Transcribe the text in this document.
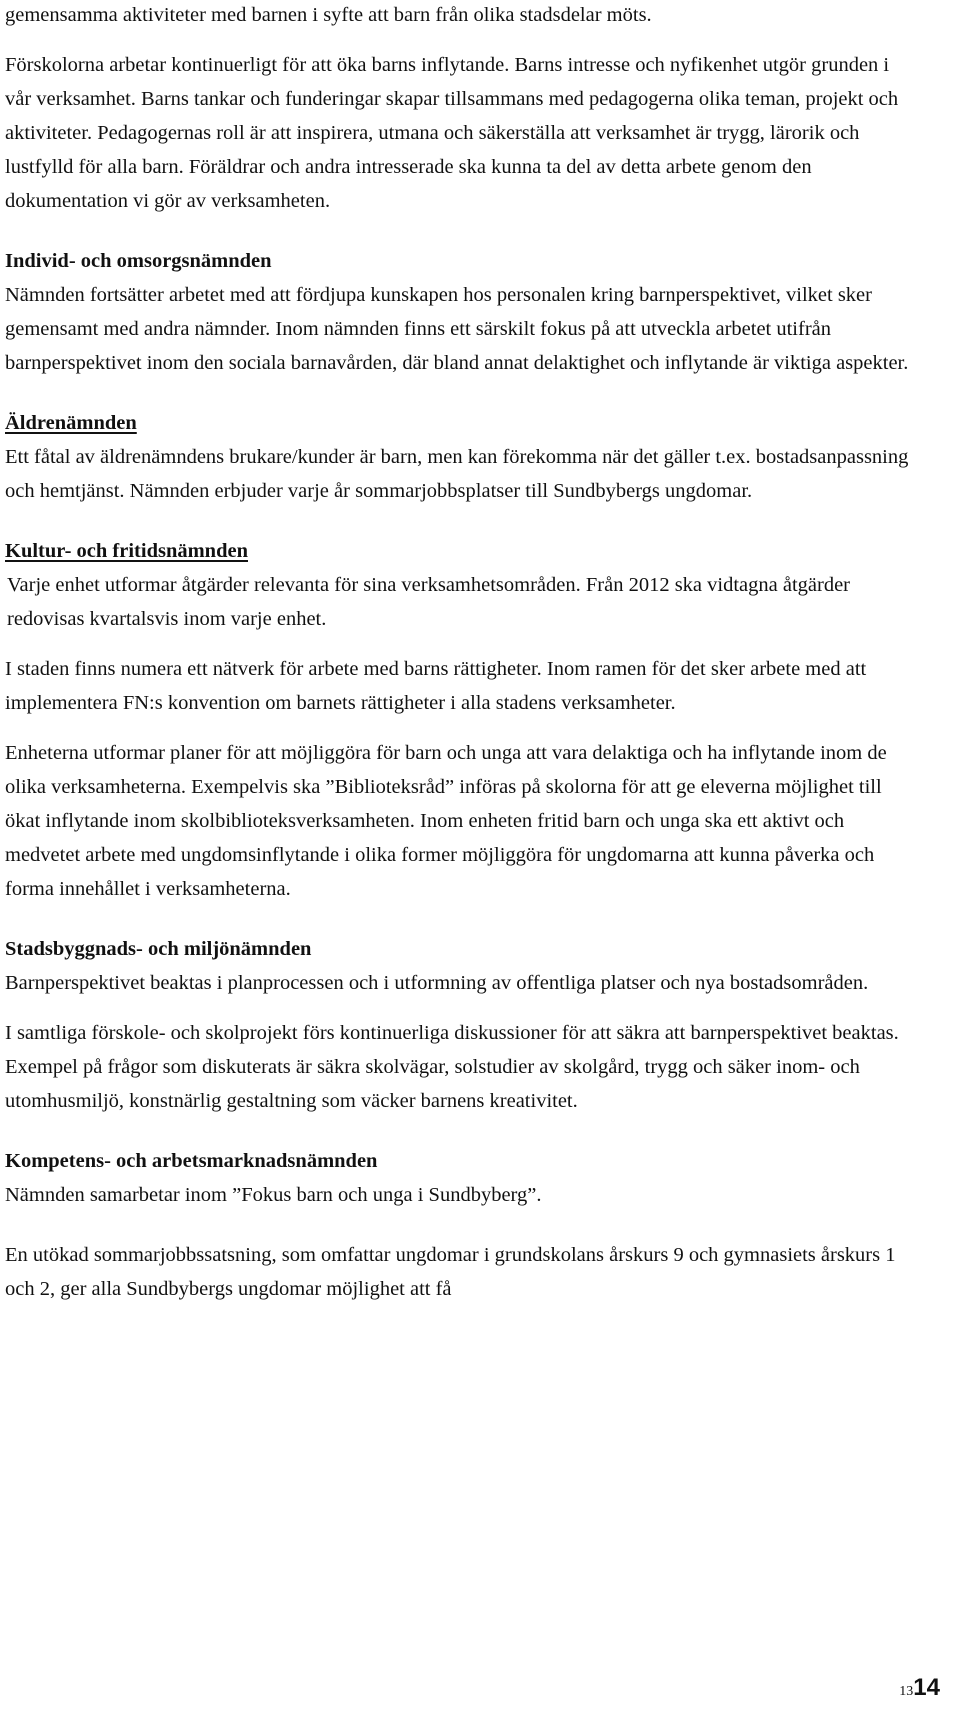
gemensamma aktiviteter med barnen i syfte att barn från olika stadsdelar möts.

Förskolorna arbetar kontinuerligt för att öka barns inflytande. Barns intresse och nyfikenhet utgör grunden i vår verksamhet. Barns tankar och funderingar skapar tillsammans med pedagogerna olika teman, projekt och aktiviteter. Pedagogernas roll är att inspirera, utmana och säkerställa att verksamhet är trygg, lärorik och lustfylld för alla barn. Föräldrar och andra intresserade ska kunna ta del av detta arbete genom den dokumentation vi gör av verksamheten.

Individ- och omsorgsnämnden

Nämnden fortsätter arbetet med att fördjupa kunskapen hos personalen kring barnperspektivet, vilket sker gemensamt med andra nämnder. Inom nämnden finns ett särskilt fokus på att utveckla arbetet utifrån barnperspektivet inom den sociala barnavården, där bland annat delaktighet och inflytande är viktiga aspekter.

Äldrenämnden

Ett fåtal av äldrenämndens brukare/kunder är barn, men kan förekomma när det gäller t.ex. bostadsanpassning och hemtjänst. Nämnden erbjuder varje år sommarjobbsplatser till Sundbybergs ungdomar.

Kultur- och fritidsnämnden

Varje enhet utformar åtgärder relevanta för sina verksamhetsområden. Från 2012 ska vidtagna åtgärder redovisas kvartalsvis inom varje enhet.

I staden finns numera ett nätverk för arbete med barns rättigheter. Inom ramen för det sker arbete med att implementera FN:s konvention om barnets rättigheter i alla stadens verksamheter.

Enheterna utformar planer för att möjliggöra för barn och unga att vara delaktiga och ha inflytande inom de olika verksamheterna. Exempelvis ska ”Biblioteksråd” införas på skolorna för att ge eleverna möjlighet till ökat inflytande inom skolbiblioteksverksamheten. Inom enheten fritid barn och unga ska ett aktivt och medvetet arbete med ungdomsinflytande i olika former möjliggöra för ungdomarna att kunna påverka och forma innehållet i verksamheterna.

Stadsbyggnads- och miljönämnden

Barnperspektivet beaktas i planprocessen och i utformning av offentliga platser och nya bostadsområden.

I samtliga förskole- och skolprojekt förs kontinuerliga diskussioner för att säkra att barnperspektivet beaktas. Exempel på frågor som diskuterats är säkra skolvägar, solstudier av skolgård, trygg och säker inom- och utomhusmiljö, konstnärlig gestaltning som väcker barnens kreativitet.

Kompetens- och arbetsmarknadsnämnden

Nämnden samarbetar inom ”Fokus barn och unga i Sundbyberg”.

En utökad sommarjobbssatsning, som omfattar ungdomar i grundskolans årskurs 9 och gymnasiets årskurs 1 och 2, ger alla Sundbybergs ungdomar möjlighet att få

1314
